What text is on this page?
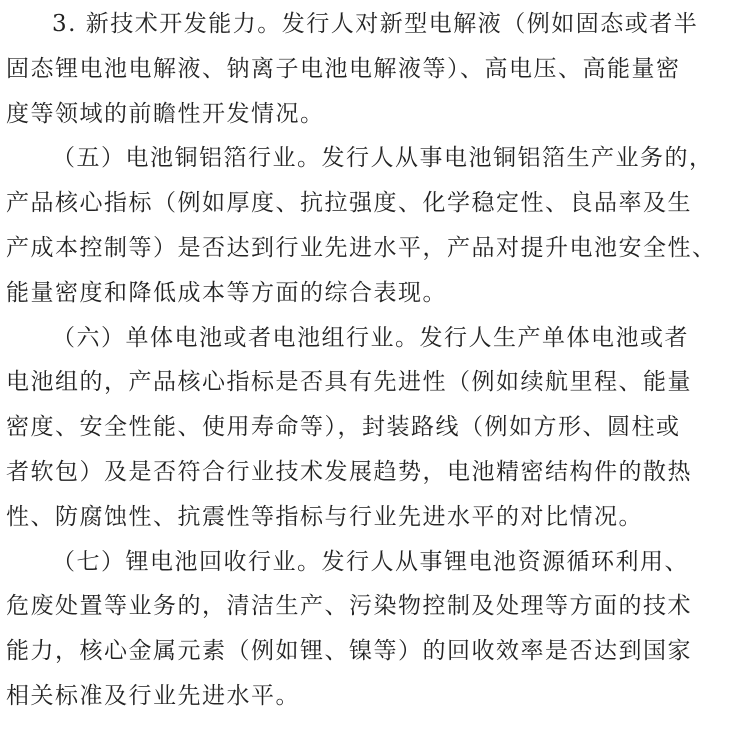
3. 新技术开发能力。发行人对新型电解液（例如固态或者半
固态锂电池电解液、钠离子电池电解液等）、高电压、高能量密
度等领域的前瞻性开发情况。
（五）电池铜铝箔行业。发行人从事电池铜铝箔生产业务的，
产品核心指标（例如厚度、抗拉强度、化学稳定性、良品率及生
产成本控制等）是否达到行业先进水平，产品对提升电池安全性、
能量密度和降低成本等方面的综合表现。
（六）单体电池或者电池组行业。发行人生产单体电池或者
电池组的，产品核心指标是否具有先进性（例如续航里程、能量
密度、安全性能、使用寿命等），封装路线（例如方形、圆柱或
者软包）及是否符合行业技术发展趋势，电池精密结构件的散热
性、防腐蚀性、抗震性等指标与行业先进水平的对比情况。
（七）锂电池回收行业。发行人从事锂电池资源循环利用、
危废处置等业务的，清洁生产、污染物控制及处理等方面的技术
能力，核心金属元素（例如锂、镍等）的回收效率是否达到国家
相关标准及行业先进水平。
